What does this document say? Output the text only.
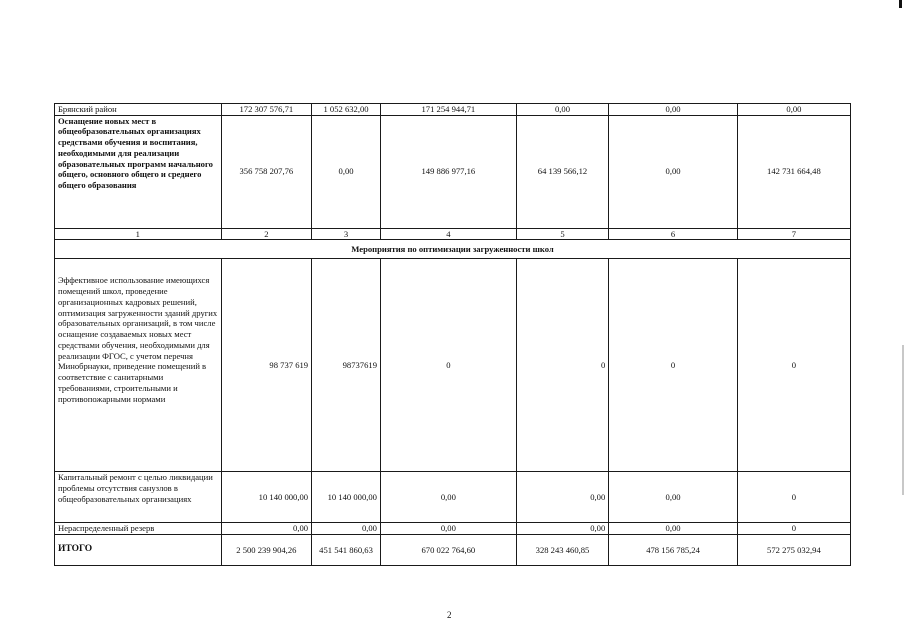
Брянский район	172 307 576,71	1 052 632,00	171 254 944,71	0,00	0,00	0,00
Оснащение новых мест в общеобразовательных организациях средствами обучения и воспитания, необходимыми для реализации образовательных программ начального общего, основного общего и среднего общего образования	356 758 207,76	0,00	149 886 977,16	64 139 566,12	0,00	142 731 664,48
1	2	3	4	5	6	7
Мероприятия по оптимизации загруженности школ						
Эффективное использование имеющихся помещений школ, проведение организационных кадровых решений, оптимизация загруженности зданий других образовательных организаций, в том числе оснащение создаваемых новых мест средствами обучения, необходимыми для реализации ФГОС, с учетом перечня Минобрнауки, приведение помещений в соответствие с санитарными требованиями, строительными и противопожарными нормами	98 737 619	98737619	0	0	0	0
Капитальный ремонт с целью ликвидации проблемы отсутствия санузлов в общеобразовательных организациях	10 140 000,00	10 140 000,00	0,00	0,00	0,00	0
Нераспределенный резерв	0,00	0,00	0,00	0,00	0,00	0
ИТОГО	2 500 239 904,26	451 541 860,63	670 022 764,60	328 243 460,85	478 156 785,24	572 275 032,94
2
